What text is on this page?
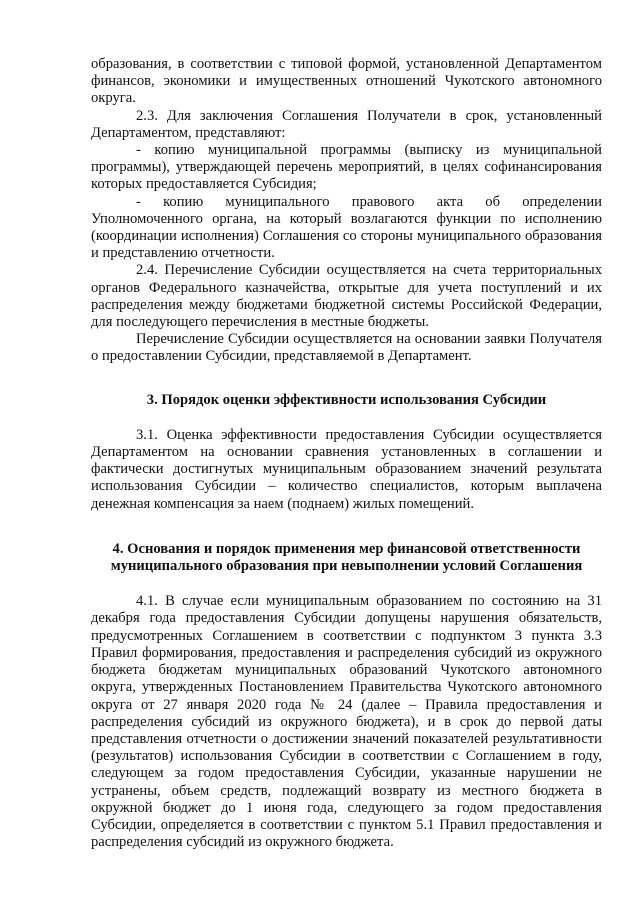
образования, в соответствии с типовой формой, установленной Департаментом финансов, экономики и имущественных отношений Чукотского автономного округа.

2.3. Для заключения Соглашения Получатели в срок, установленный Департаментом, представляют:

- копию муниципальной программы (выписку из муниципальной программы), утверждающей перечень мероприятий, в целях софинансирования которых предоставляется Субсидия;

- копию муниципального правового акта об определении Уполномоченного органа, на который возлагаются функции по исполнению (координации исполнения) Соглашения со стороны муниципального образования и представлению отчетности.

2.4. Перечисление Субсидии осуществляется на счета территориальных органов Федерального казначейства, открытые для учета поступлений и их распределения между бюджетами бюджетной системы Российской Федерации, для последующего перечисления в местные бюджеты.

Перечисление Субсидии осуществляется на основании заявки Получателя о предоставлении Субсидии, представляемой в Департамент.

3. Порядок оценки эффективности использования Субсидии

3.1. Оценка эффективности предоставления Субсидии осуществляется Департаментом на основании сравнения установленных в соглашении и фактически достигнутых муниципальным образованием значений результата использования Субсидии – количество специалистов, которым выплачена денежная компенсация за наем (поднаем) жилых помещений.

4. Основания и порядок применения мер финансовой ответственности
муниципального образования при невыполнении условий Соглашения

4.1. В случае если муниципальным образованием по состоянию на 31 декабря года предоставления Субсидии допущены нарушения обязательств, предусмотренных Соглашением в соответствии с подпунктом 3 пункта 3.3 Правил формирования, предоставления и распределения субсидий из окружного бюджета бюджетам муниципальных образований Чукотского автономного округа, утвержденных Постановлением Правительства Чукотского автономного округа от 27 января 2020 года № 24 (далее – Правила предоставления и распределения субсидий из окружного бюджета), и в срок до первой даты представления отчетности о достижении значений показателей результативности (результатов) использования Субсидии в соответствии с Соглашением в году, следующем за годом предоставления Субсидии, указанные нарушении не устранены, объем средств, подлежащий возврату из местного бюджета в окружной бюджет до 1 июня года, следующего за годом предоставления Субсидии, определяется в соответствии с пунктом 5.1 Правил предоставления и распределения субсидий из окружного бюджета.
